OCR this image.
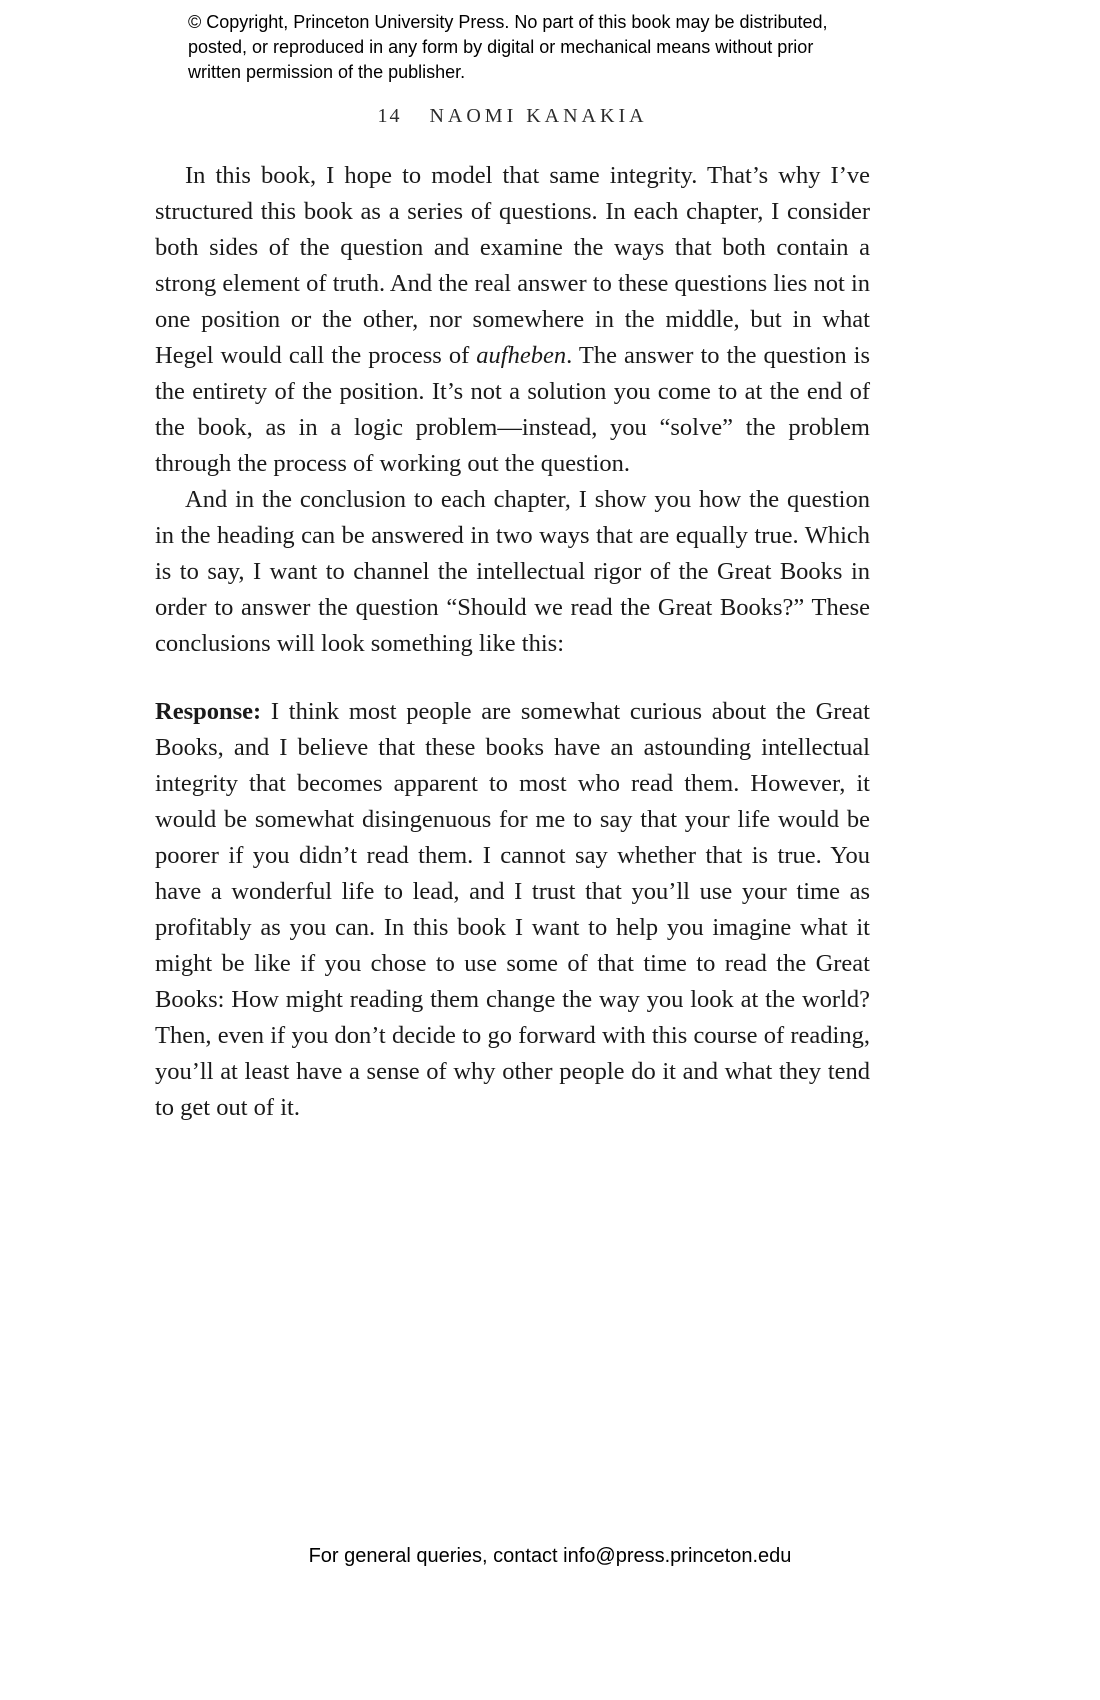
© Copyright, Princeton University Press. No part of this book may be distributed, posted, or reproduced in any form by digital or mechanical means without prior written permission of the publisher.
14 NAOMI KANAKIA

In this book, I hope to model that same integrity. That’s why I’ve structured this book as a series of questions. In each chapter, I consider both sides of the question and examine the ways that both contain a strong element of truth. And the real answer to these questions lies not in one position or the other, nor somewhere in the middle, but in what Hegel would call the process of aufheben. The answer to the question is the entirety of the position. It’s not a solution you come to at the end of the book, as in a logic problem—instead, you “solve” the problem through the process of working out the question.

And in the conclusion to each chapter, I show you how the question in the heading can be answered in two ways that are equally true. Which is to say, I want to channel the intellectual rigor of the Great Books in order to answer the question “Should we read the Great Books?” These conclusions will look something like this:

Response: I think most people are somewhat curious about the Great Books, and I believe that these books have an astounding intellectual integrity that becomes apparent to most who read them. However, it would be somewhat disingenuous for me to say that your life would be poorer if you didn’t read them. I cannot say whether that is true. You have a wonderful life to lead, and I trust that you’ll use your time as profitably as you can. In this book I want to help you imagine what it might be like if you chose to use some of that time to read the Great Books: How might reading them change the way you look at the world? Then, even if you don’t decide to go forward with this course of reading, you’ll at least have a sense of why other people do it and what they tend to get out of it.

For general queries, contact info@press.princeton.edu
